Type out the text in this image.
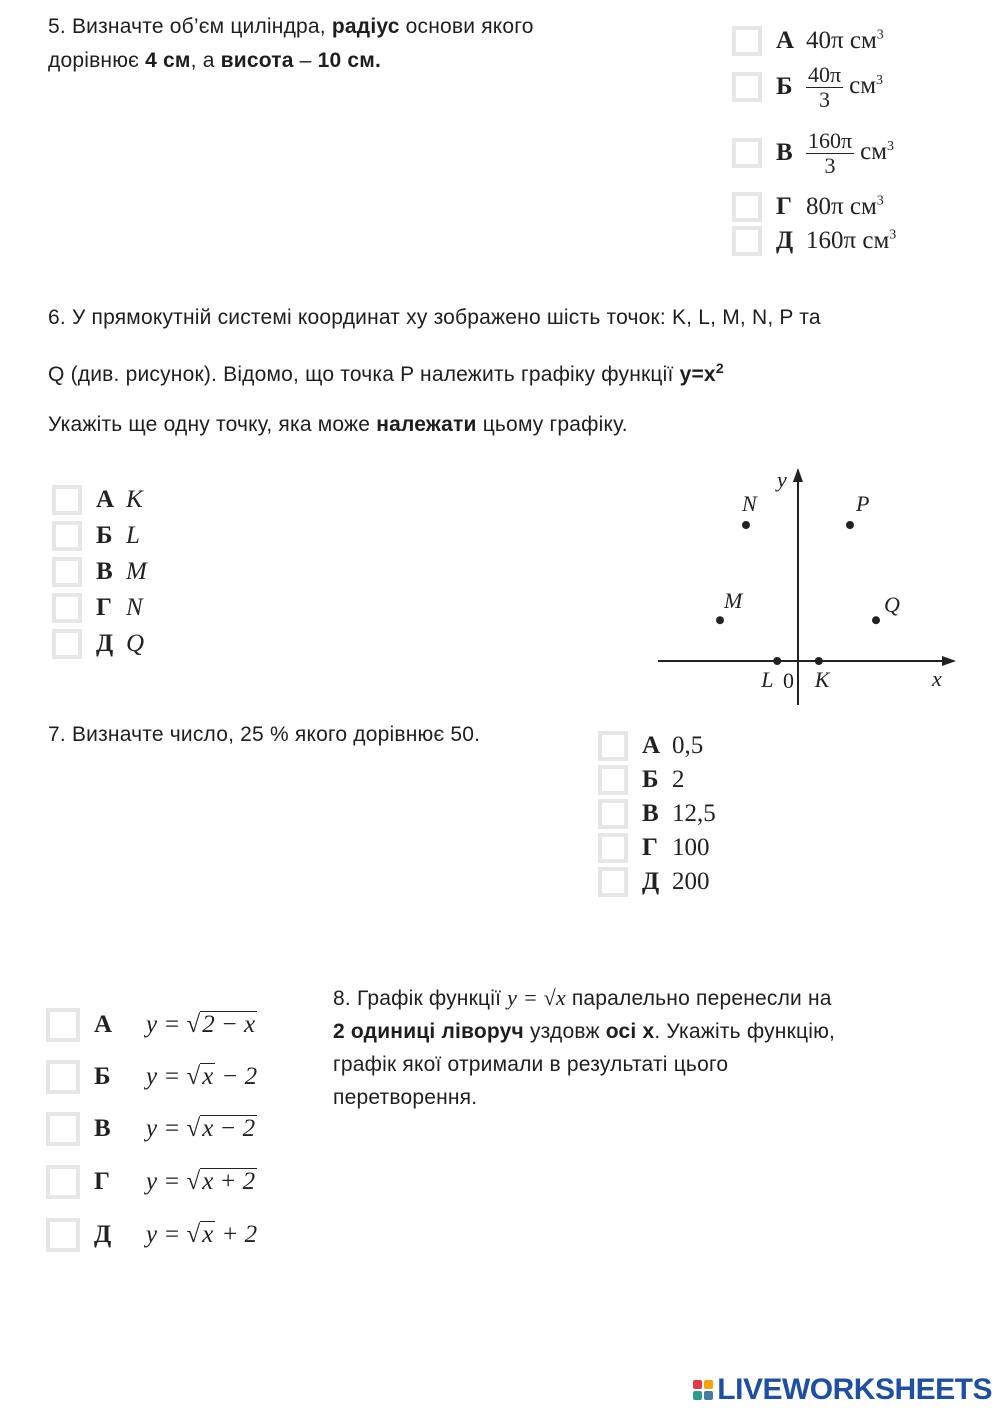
5. Визначте об’єм циліндра, радіус основи якого
дорівнює 4 см, а висота – 10 см.
А 40π $см^3$
Б $\frac{40\pi}{3} см^3$
В $\frac{160\pi}{3} см^3$
Г 80π $см^3$
Д 160π $см^3$
6. У прямокутній системі координат xy зображено шість точок: K, L, M, N, P та
Q (див. рисунок). Відомо, що точка P належить графіку функції $y=x^2$
Укажіть ще одну точку, яка може належати цьому графіку.
А K
Б L
В M
Г N
Д Q
y
x
0
N	P
M	Q
L K
7. Визначте число, 25 % якого дорівнює 50.	А 0,5
Б 2
В 12,5
Г 100
Д 200
8. Графік функції y = √x паралельно перенесли на
2 одиниці ліворуч уздовж осі x. Укажіть функцію,
графік якої отримали в результаті цього
перетворення.
А	y = √2 − x
Б	y = √x − 2
В	y = √x − 2
Г	y = √x + 2
Д	y = √x + 2
LIVEWORKSHEETS
